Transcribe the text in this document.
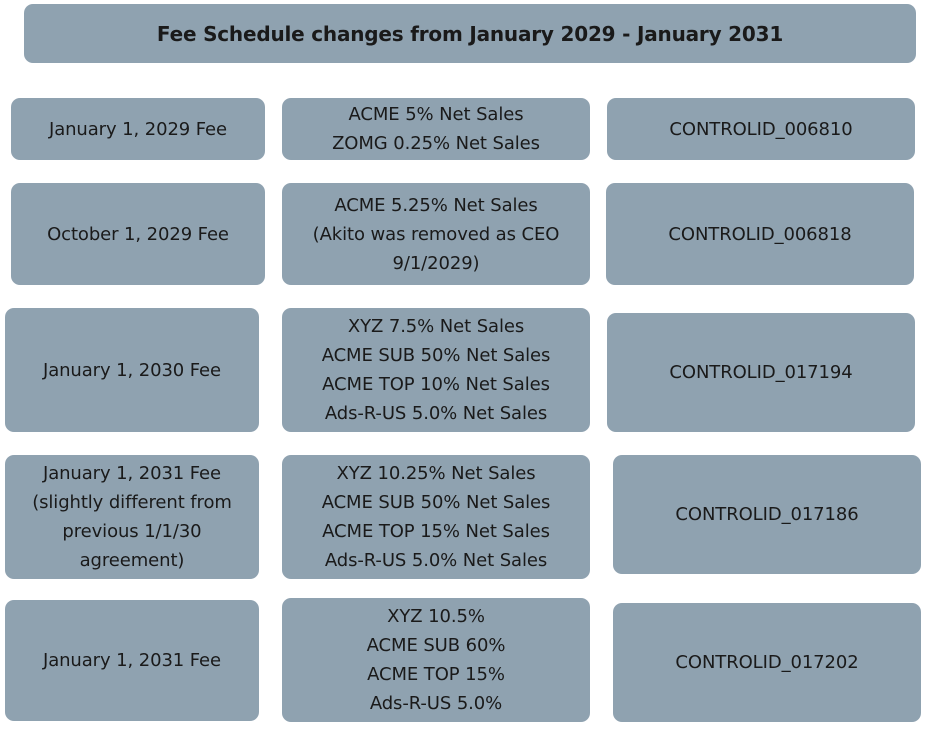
Fee Schedule changes from January 2029 - January 2031
January 1, 2029 Fee
ACME 5% Net Sales
ZOMG 0.25% Net Sales
CONTROLID_006810
October 1, 2029 Fee
ACME 5.25% Net Sales
(Akito was removed as CEO
9/1/2029)
CONTROLID_006818
January 1, 2030 Fee
XYZ 7.5% Net Sales
ACME SUB 50% Net Sales
ACME TOP 10% Net Sales
Ads-R-US 5.0% Net Sales
CONTROLID_017194
January 1, 2031 Fee
(slightly different from
previous 1/1/30
agreement)
XYZ 10.25% Net Sales
ACME SUB 50% Net Sales
ACME TOP 15% Net Sales
Ads-R-US 5.0% Net Sales
CONTROLID_017186
January 1, 2031 Fee
XYZ 10.5%
ACME SUB 60%
ACME TOP 15%
Ads-R-US 5.0%
CONTROLID_017202
